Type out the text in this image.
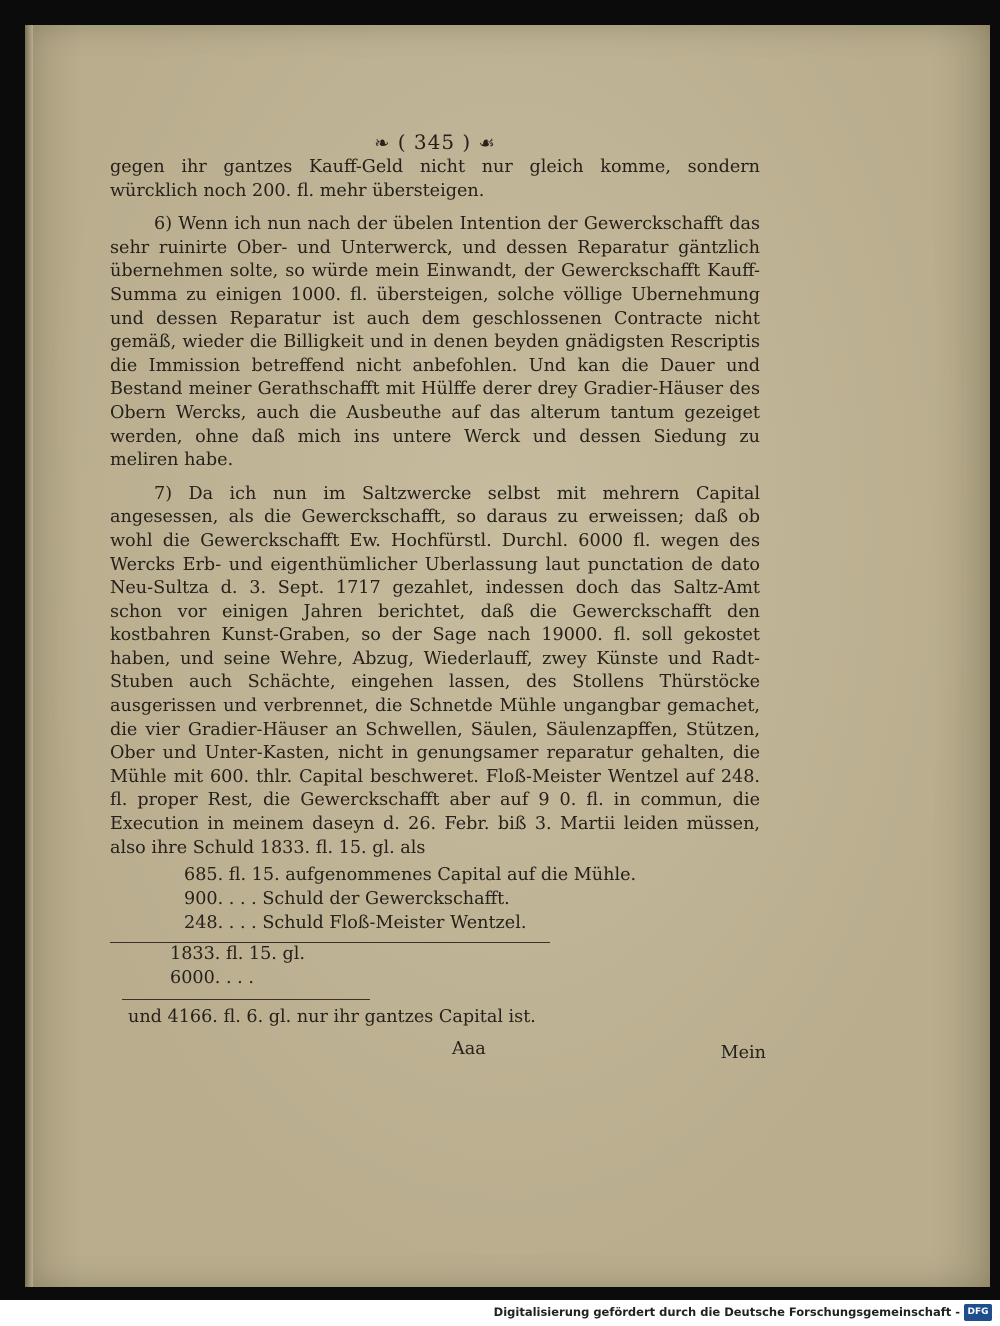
❧ ( 345 ) ☙

gegen ihr gantzes Kauff-Geld nicht nur gleich komme, sondern würcklich noch 200. fl. mehr übersteigen.

6) Wenn ich nun nach der übelen Intention der Gewerckschafft das sehr ruinirte Ober- und Unterwerck, und dessen Reparatur gäntzlich übernehmen solte, so würde mein Einwandt, der Gewerckschafft Kauff-Summa zu einigen 1000. fl. übersteigen, solche völlige Ubernehmung und dessen Reparatur ist auch dem geschlossenen Contracte nicht gemäß, wieder die Billigkeit und in denen beyden gnädigsten Rescriptis die Immission betreffend nicht anbefohlen. Und kan die Dauer und Bestand meiner Gerathschafft mit Hülffe derer drey Gradier-Häuser des Obern Wercks, auch die Ausbeuthe auf das alterum tantum gezeiget werden, ohne daß mich ins untere Werck und dessen Siedung zu meliren habe.

7) Da ich nun im Saltzwercke selbst mit mehrern Capital angesessen, als die Gewerckschafft, so daraus zu erweissen; daß ob wohl die Gewerckschafft Ew. Hochfürstl. Durchl. 6000 fl. wegen des Wercks Erb- und eigenthümlicher Uberlassung laut punctation de dato Neu-Sultza d. 3. Sept. 1717 gezahlet, indessen doch das Saltz-Amt schon vor einigen Jahren berichtet, daß die Gewerckschafft den kostbahren Kunst-Graben, so der Sage nach 19000. fl. soll gekostet haben, und seine Wehre, Abzug, Wiederlauff, zwey Künste und Radt-Stuben auch Schächte, eingehen lassen, des Stollens Thürstöcke ausgerissen und verbrennet, die Schnetde Mühle ungangbar gemachet, die vier Gradier-Häuser an Schwellen, Säulen, Säulenzapffen, Stützen, Ober und Unter-Kasten, nicht in genungsamer reparatur gehalten, die Mühle mit 600. thlr. Capital beschweret. Floß-Meister Wentzel auf 248. fl. proper Rest, die Gewerckschafft aber auf 9 0. fl. in commun, die Execution in meinem daseyn d. 26. Febr. biß 3. Martii leiden müssen, also ihre Schuld 1833. fl. 15. gl. als

685. fl. 15. aufgenommenes Capital auf die Mühle.
900. . . . Schuld der Gewerckschafft.
248. . . . Schuld Floß-Meister Wentzel.
1833. fl. 15. gl.
6000. . . .
und 4166. fl. 6. gl. nur ihr gantzes Capital ist.
Aaa	Mein
Digitalisierung gefördert durch die Deutsche Forschungsgemeinschaft - DFG
